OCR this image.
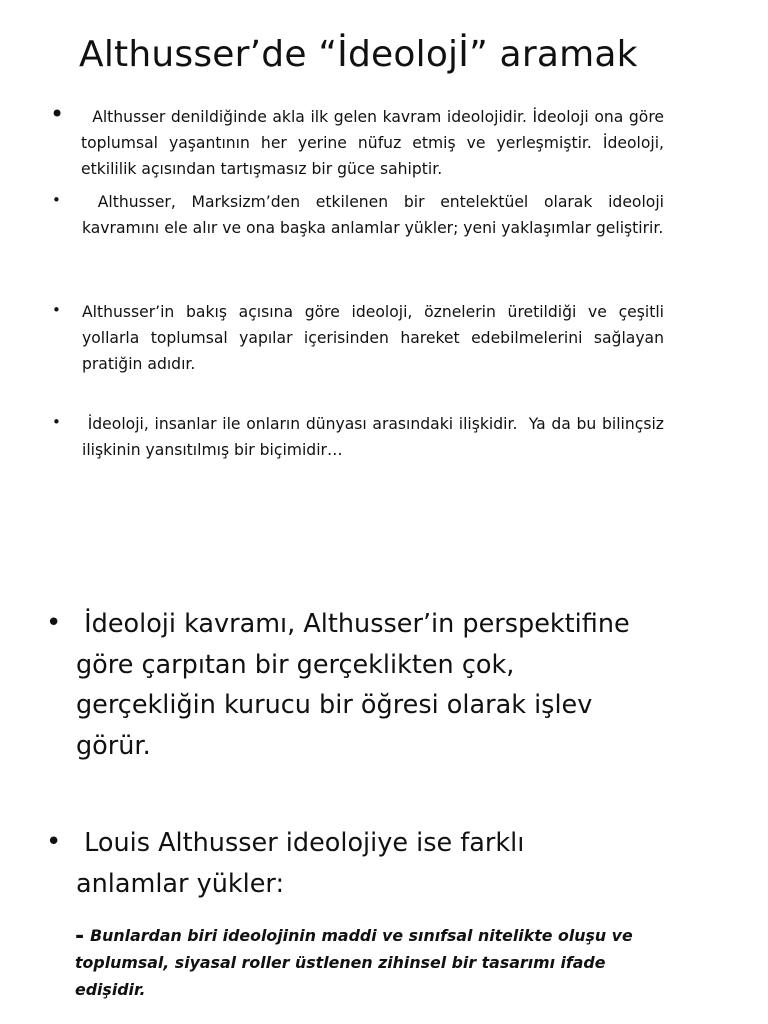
Althusser’de “İdeolojİ” aramak
•	Althusser denildiğinde akla ilk gelen kavram ideolojidir. İdeoloji ona göre toplumsal yaşantının her yerine nüfuz etmiş ve yerleşmiştir. İdeoloji, etkililik açısından tartışmasız bir güce sahiptir.

•	Althusser, Marksizm’den etkilenen bir entelektüel olarak ideoloji kavramını ele alır ve ona başka anlamlar yükler; yeni yaklaşımlar geliştirir.

•	Althusser’in bakış açısına göre ideoloji, öznelerin üretildiği ve çeşitli yollarla toplumsal yapılar içerisinden hareket edebilmelerini sağlayan pratiğin adıdır.

•	İdeoloji, insanlar ile onların dünyası arasındaki ilişkidir.  Ya da bu bilinçsiz ilişkinin yansıtılmış bir biçimidir…

• İdeoloji kavramı, Althusser’in perspektifine göre çarpıtan bir gerçeklikten çok, gerçekliğin kurucu bir öğresi olarak işlev görür.

• Louis Althusser ideolojiye ise farklı anlamlar yükler:

- Bunlardan biri ideolojinin maddi ve sınıfsal nitelikte oluşu ve toplumsal, siyasal roller üstlenen zihinsel bir tasarımı ifade edişidir.
